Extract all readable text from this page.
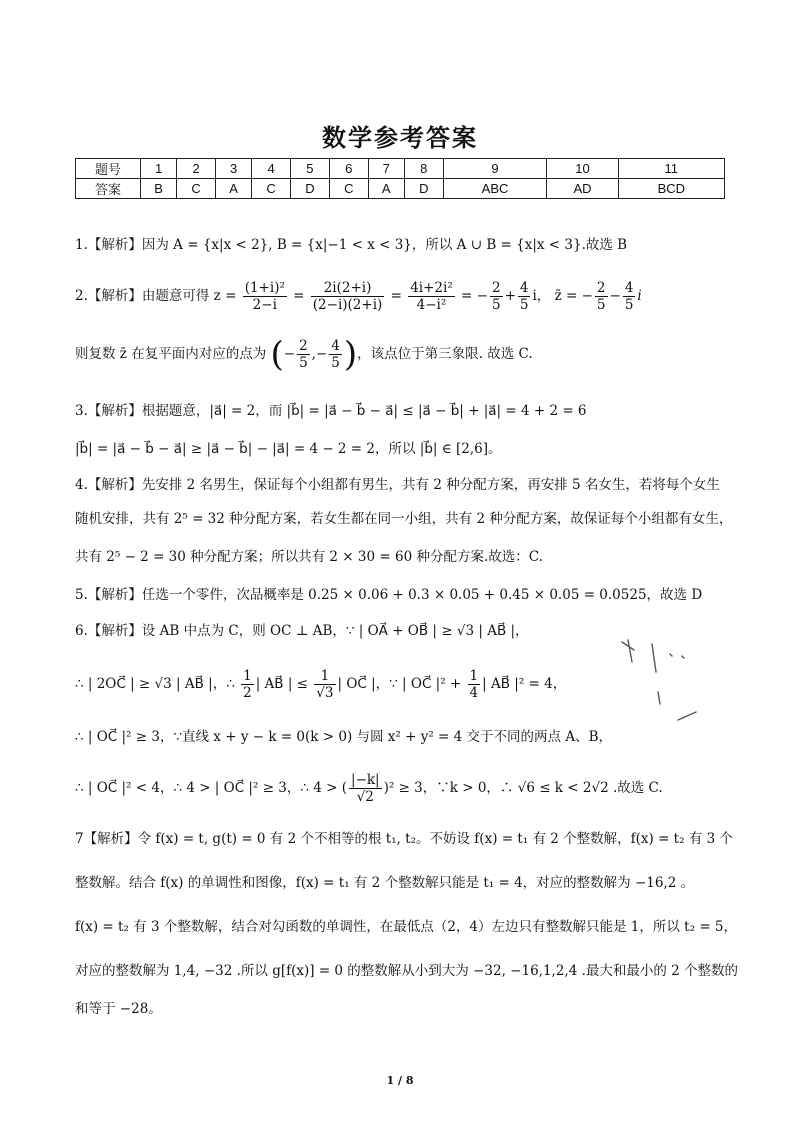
数学参考答案
题号	1	2	3	4	5	6	7	8	9	10	11
答案	B	C	A	C	D	C	A	D	ABC	AD	BCD
1.【解析】因为 A = {x|x < 2}, B = {x|−1 < x < 3}，所以 A ∪ B = {x|x < 3}.故选 B
2.【解析】由题意可得 $z = \frac{\text{(1+i)²}}{2-i} = \frac{2i(2+i)}{(2-i)(2+i)} = \frac{\text{4i+2i²}}{\text{4−i²}}$ = − $\frac{2}{5} + \frac{4}{5}$ i， z̄ = − $\frac{2}{5} - \frac{4}{5}$ i
则复数 z̄ 在复平面内对应的点为 (− $\frac{2}{5}$ ,− $\frac{4}{5}$ )，该点位于第三象限. 故选 C.
3.【解析】根据题意，|a⃗| = 2，而 |b⃗| = |a⃗ − b⃗ − a⃗| ≤ |a⃗ − b⃗| + |a⃗| = 4 + 2 = 6
|b⃗| = |a⃗ − b⃗ − a⃗| ≥ |a⃗ − b⃗| − |a⃗| = 4 − 2 = 2，所以 |b⃗| ∈ [2,6]。
4.【解析】先安排 2 名男生，保证每个小组都有男生，共有 2 种分配方案，再安排 5 名女生，若将每个女生
随机安排，共有 2⁵ = 32 种分配方案，若女生都在同一小组，共有 2 种分配方案，故保证每个小组都有女生，
共有 2⁵ − 2 = 30 种分配方案；所以共有 2 × 30 = 60 种分配方案.故选：C.
5.【解析】任选一个零件，次品概率是 0.25 × 0.06 + 0.3 × 0.05 + 0.45 × 0.05 = 0.0525，故选 D
6.【解析】设 AB 中点为 C，则 OC ⊥ AB，∵ | OA⃗ + OB⃗ | ≥ √3 | AB⃗ |，
∴ | 2OC⃗ | ≥ √3 | AB⃗ |，∴ $\frac{1}{2}$ | AB⃗ | ≤ $\frac{1}{√3}$ | OC⃗ |，∵ | OC⃗ $|^2 + \frac{1}{4}$ | AB⃗ |² = 4，
∴ | OC⃗ |² ≥ 3，∵直线 x + y − k = 0(k > 0) 与圆 x² + y² = 4 交于不同的两点 A、B，
∴ | OC⃗ |² < 4，∴ 4 > | OC⃗ |² ≥ 3，∴ 4 > ( $\frac{|-k|}{√2} )^2 \ge 3$，∵k > 0，∴ √6 ≤ k < 2√2 .故选 C.
7【解析】令 f(x) = t, g(t) = 0 有 2 个不相等的根 t₁, t₂。不妨设 f(x) = t₁ 有 2 个整数解，f(x) = t₂ 有 3 个
整数解。结合 f(x) 的单调性和图像，f(x) = t₁ 有 2 个整数解只能是 t₁ = 4，对应的整数解为 −16,2 。
f(x) = t₂ 有 3 个整数解，结合对勾函数的单调性，在最低点（2，4）左边只有整数解只能是 1，所以 t₂ = 5，
对应的整数解为 1,4, −32 .所以 g[f(x)] = 0 的整数解从小到大为 −32, −16,1,2,4 .最大和最小的 2 个整数的
和等于 −28。
1 / 8
